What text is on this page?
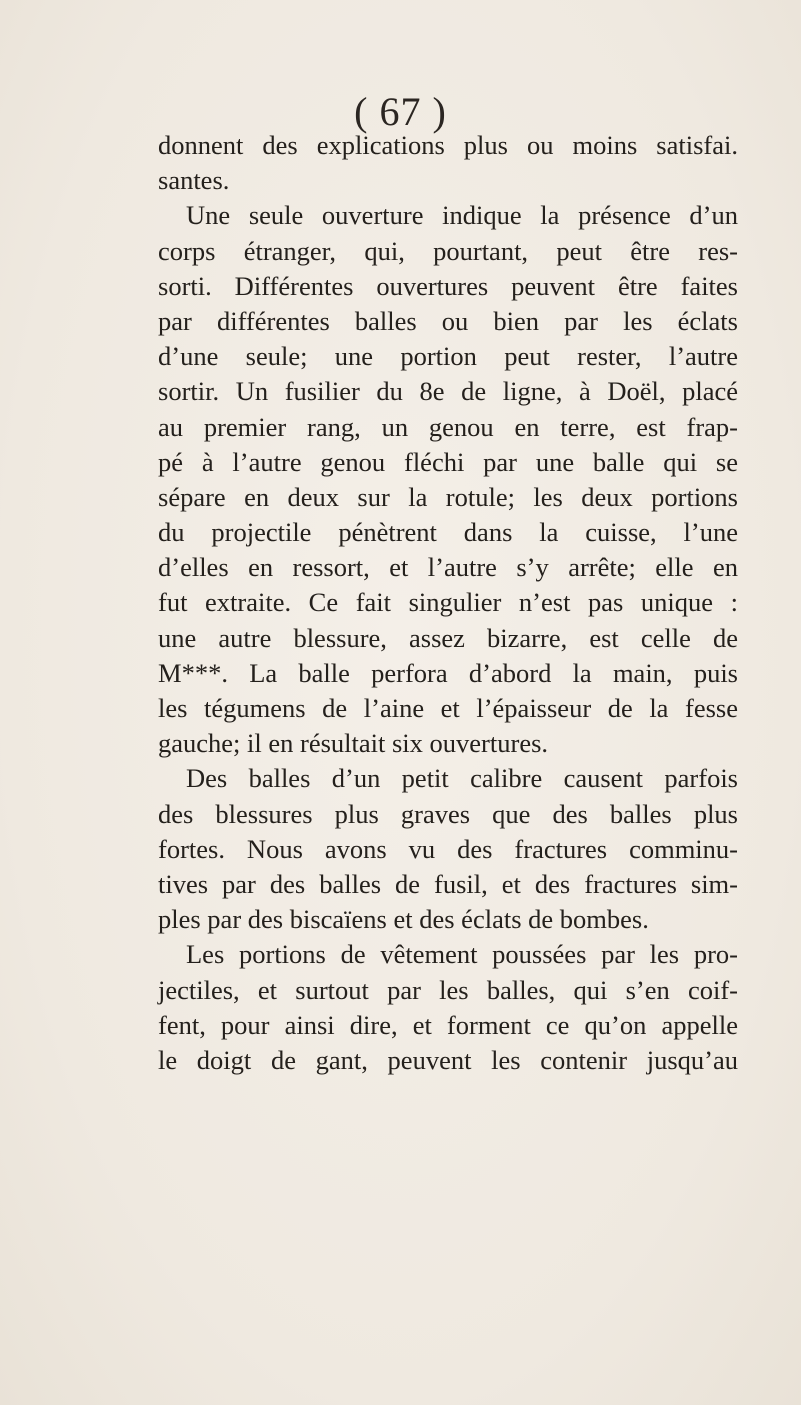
( 67 )
donnent des explications plus ou moins satisfai.
santes.
Une seule ouverture indique la présence d’un
corps étranger, qui, pourtant, peut être res-
sorti. Différentes ouvertures peuvent être faites
par différentes balles ou bien par les éclats
d’une seule; une portion peut rester, l’autre
sortir. Un fusilier du 8e de ligne, à Doël, placé
au premier rang, un genou en terre, est frap-
pé à l’autre genou fléchi par une balle qui se
sépare en deux sur la rotule; les deux portions
du projectile pénètrent dans la cuisse, l’une
d’elles en ressort, et l’autre s’y arrête; elle en
fut extraite. Ce fait singulier n’est pas unique :
une autre blessure, assez bizarre, est celle de
M***. La balle perfora d’abord la main, puis
les tégumens de l’aine et l’épaisseur de la fesse
gauche; il en résultait six ouvertures.
Des balles d’un petit calibre causent parfois
des blessures plus graves que des balles plus
fortes. Nous avons vu des fractures comminu-
tives par des balles de fusil, et des fractures sim-
ples par des biscaïens et des éclats de bombes.
Les portions de vêtement poussées par les pro-
jectiles, et surtout par les balles, qui s’en coif-
fent, pour ainsi dire, et forment ce qu’on appelle
le doigt de gant, peuvent les contenir jusqu’au
